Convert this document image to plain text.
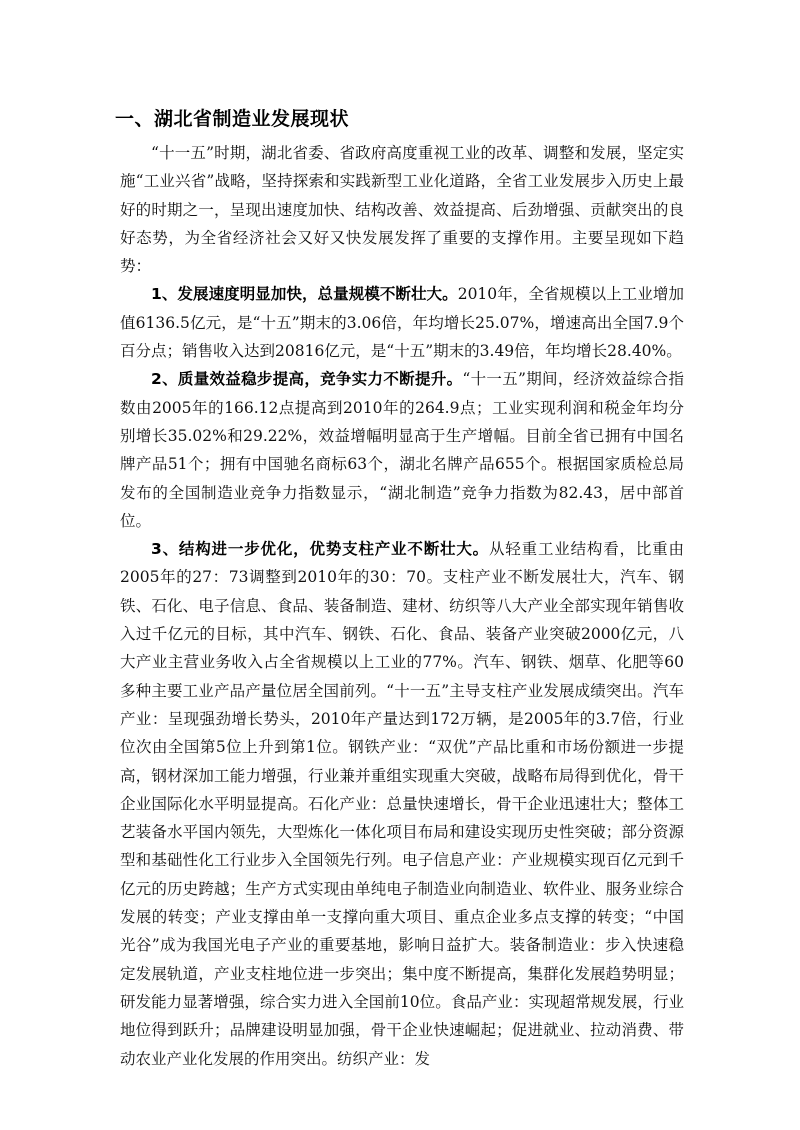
一、湖北省制造业发展现状

“十一五”时期，湖北省委、省政府高度重视工业的改革、调整和发展，坚定实施“工业兴省”战略，坚持探索和实践新型工业化道路，全省工业发展步入历史上最好的时期之一，呈现出速度加快、结构改善、效益提高、后劲增强、贡献突出的良好态势，为全省经济社会又好又快发展发挥了重要的支撑作用。主要呈现如下趋势：

1、发展速度明显加快，总量规模不断壮大。2010年，全省规模以上工业增加值6136.5亿元，是“十五”期末的3.06倍，年均增长25.07%，增速高出全国7.9个百分点；销售收入达到20816亿元，是“十五”期末的3.49倍，年均增长28.40%。

2、质量效益稳步提高，竞争实力不断提升。“十一五”期间，经济效益综合指数由2005年的166.12点提高到2010年的264.9点；工业实现利润和税金年均分别增长35.02%和29.22%，效益增幅明显高于生产增幅。目前全省已拥有中国名牌产品51个；拥有中国驰名商标63个，湖北名牌产品655个。根据国家质检总局发布的全国制造业竞争力指数显示，“湖北制造”竞争力指数为82.43，居中部首位。

3、结构进一步优化，优势支柱产业不断壮大。从轻重工业结构看，比重由2005年的27：73调整到2010年的30：70。支柱产业不断发展壮大，汽车、钢铁、石化、电子信息、食品、装备制造、建材、纺织等八大产业全部实现年销售收入过千亿元的目标，其中汽车、钢铁、石化、食品、装备产业突破2000亿元，八大产业主营业务收入占全省规模以上工业的77%。汽车、钢铁、烟草、化肥等60多种主要工业产品产量位居全国前列。“十一五”主导支柱产业发展成绩突出。汽车产业：呈现强劲增长势头，2010年产量达到172万辆，是2005年的3.7倍，行业位次由全国第5位上升到第1位。钢铁产业：“双优”产品比重和市场份额进一步提高，钢材深加工能力增强，行业兼并重组实现重大突破，战略布局得到优化，骨干企业国际化水平明显提高。石化产业：总量快速增长，骨干企业迅速壮大；整体工艺装备水平国内领先，大型炼化一体化项目布局和建设实现历史性突破；部分资源型和基础性化工行业步入全国领先行列。电子信息产业：产业规模实现百亿元到千亿元的历史跨越；生产方式实现由单纯电子制造业向制造业、软件业、服务业综合发展的转变；产业支撑由单一支撑向重大项目、重点企业多点支撑的转变；“中国光谷”成为我国光电子产业的重要基地，影响日益扩大。装备制造业：步入快速稳定发展轨道，产业支柱地位进一步突出；集中度不断提高，集群化发展趋势明显；研发能力显著增强，综合实力进入全国前10位。食品产业：实现超常规发展，行业地位得到跃升；品牌建设明显加强，骨干企业快速崛起；促进就业、拉动消费、带动农业产业化发展的作用突出。纺织产业：发
